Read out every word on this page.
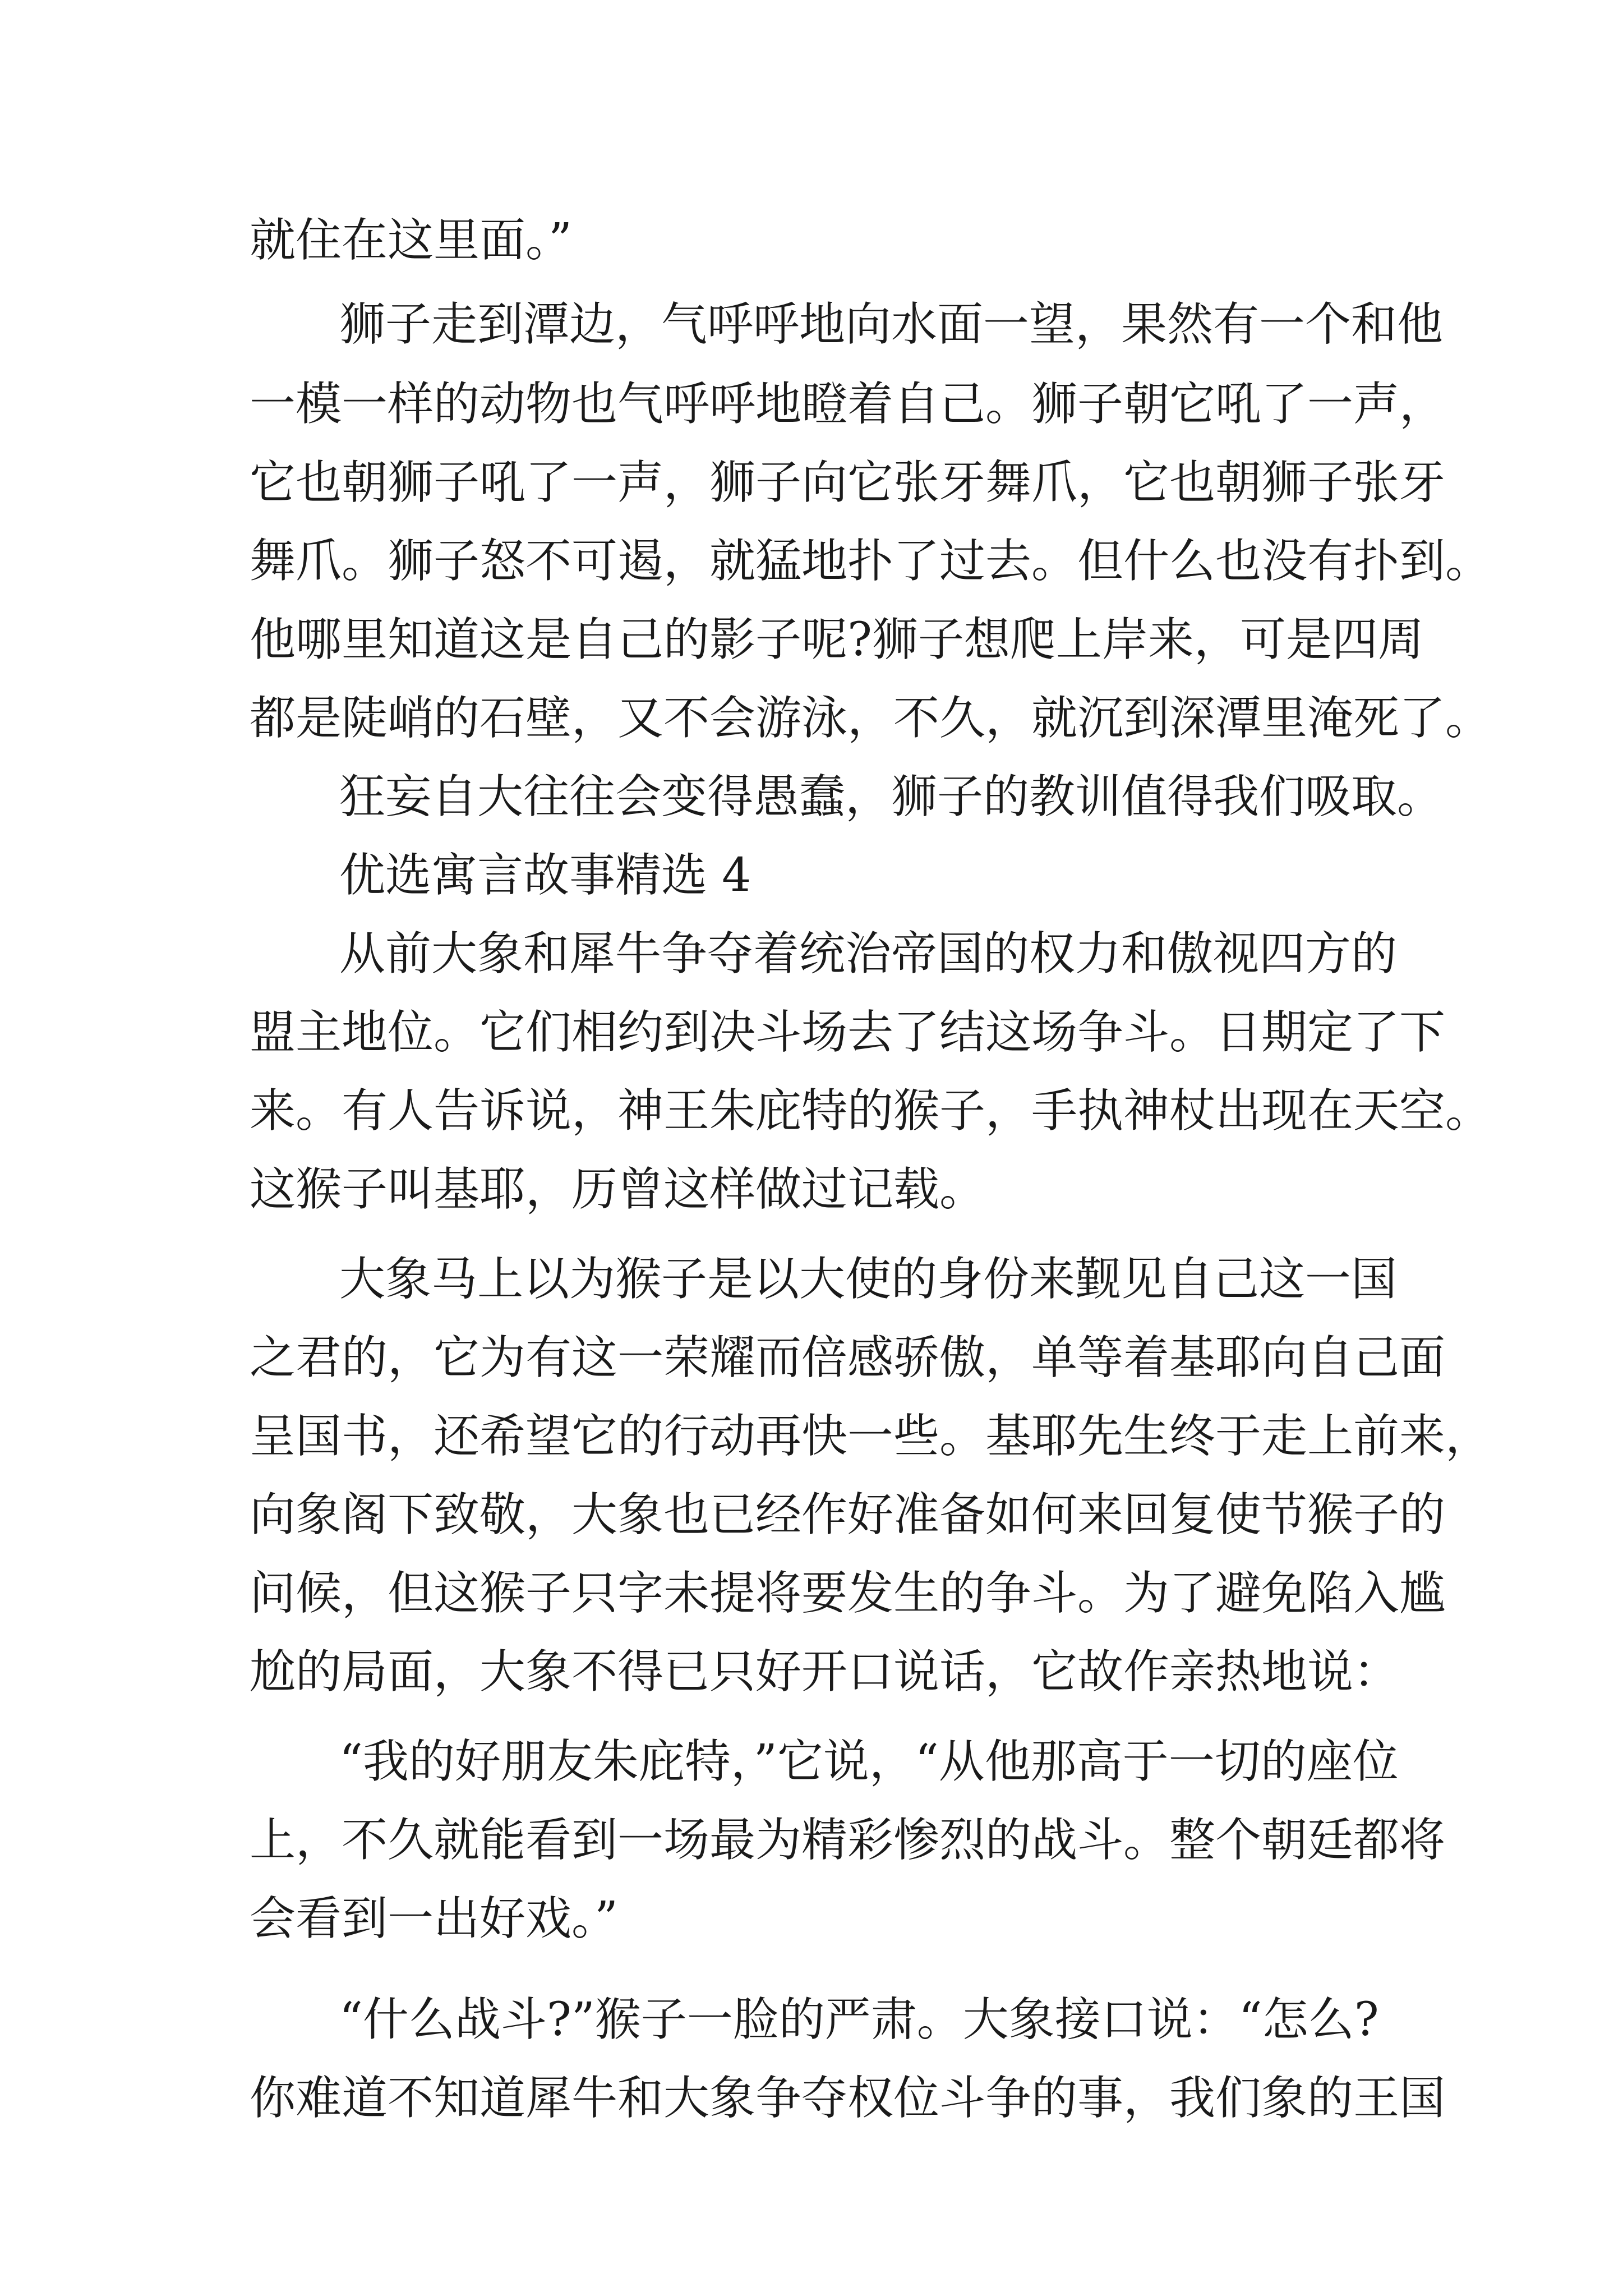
就住在这里面。”
狮子走到潭边，气呼呼地向水面一望，果然有一个和他
一模一样的动物也气呼呼地瞪着自己。狮子朝它吼了一声，
它也朝狮子吼了一声，狮子向它张牙舞爪，它也朝狮子张牙
舞爪。狮子怒不可遏，就猛地扑了过去。但什么也没有扑到。
他哪里知道这是自己的影子呢?狮子想爬上岸来，可是四周
都是陡峭的石壁，又不会游泳，不久，就沉到深潭里淹死了。
狂妄自大往往会变得愚蠢，狮子的教训值得我们吸取。
优选寓言故事精选 4
从前大象和犀牛争夺着统治帝国的权力和傲视四方的
盟主地位。它们相约到决斗场去了结这场争斗。日期定了下
来。有人告诉说，神王朱庇特的猴子，手执神杖出现在天空。
这猴子叫基耶，历曾这样做过记载。
大象马上以为猴子是以大使的身份来觐见自己这一国
之君的，它为有这一荣耀而倍感骄傲，单等着基耶向自己面
呈国书，还希望它的行动再快一些。基耶先生终于走上前来，
向象阁下致敬，大象也已经作好准备如何来回复使节猴子的
问候，但这猴子只字未提将要发生的争斗。为了避免陷入尴
尬的局面，大象不得已只好开口说话，它故作亲热地说：
“我的好朋友朱庇特，”它说，“从他那高于一切的座位
上，不久就能看到一场最为精彩惨烈的战斗。整个朝廷都将
会看到一出好戏。”
“什么战斗?”猴子一脸的严肃。大象接口说：“怎么?
你难道不知道犀牛和大象争夺权位斗争的事，我们象的王国
